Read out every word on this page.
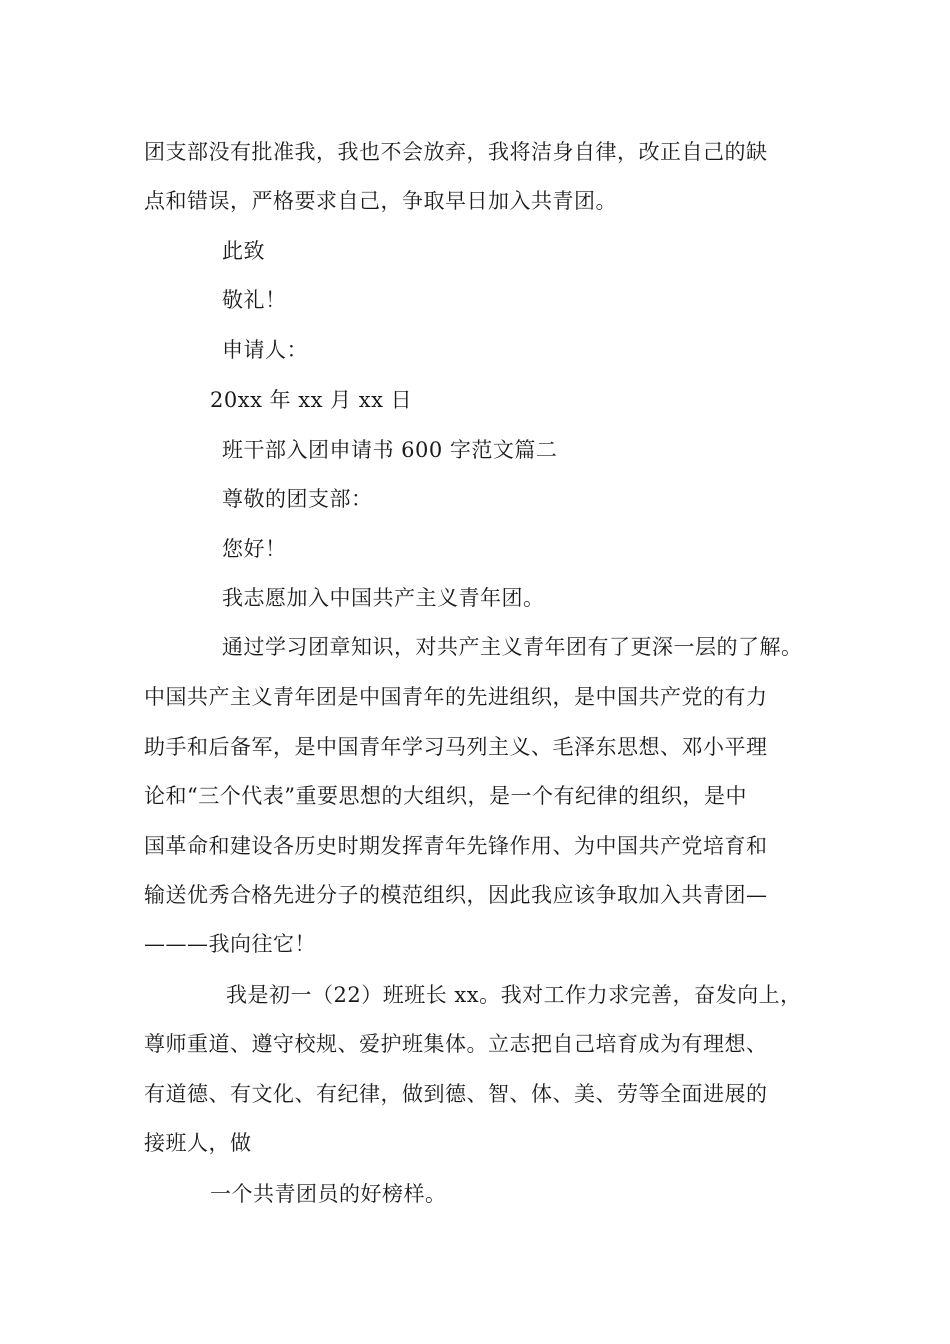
团支部没有批准我，我也不会放弃，我将洁身自律，改正自己的缺
点和错误，严格要求自己，争取早日加入共青团。
此致
敬礼！
申请人：
20xx 年 xx 月 xx 日
班干部入团申请书 600 字范文篇二
尊敬的团支部：
您好！
我志愿加入中国共产主义青年团。
通过学习团章知识，对共产主义青年团有了更深一层的了解。
中国共产主义青年团是中国青年的先进组织，是中国共产党的有力
助手和后备军，是中国青年学习马列主义、毛泽东思想、邓小平理
论和“三个代表”重要思想的大组织，是一个有纪律的组织，是中
国革命和建设各历史时期发挥青年先锋作用、为中国共产党培育和
输送优秀合格先进分子的模范组织，因此我应该争取加入共青团—
———我向往它！
我是初一（22）班班长 xx。我对工作力求完善，奋发向上，
尊师重道、遵守校规、爱护班集体。立志把自己培育成为有理想、
有道德、有文化、有纪律，做到德、智、体、美、劳等全面进展的
接班人，做
一个共青团员的好榜样。
